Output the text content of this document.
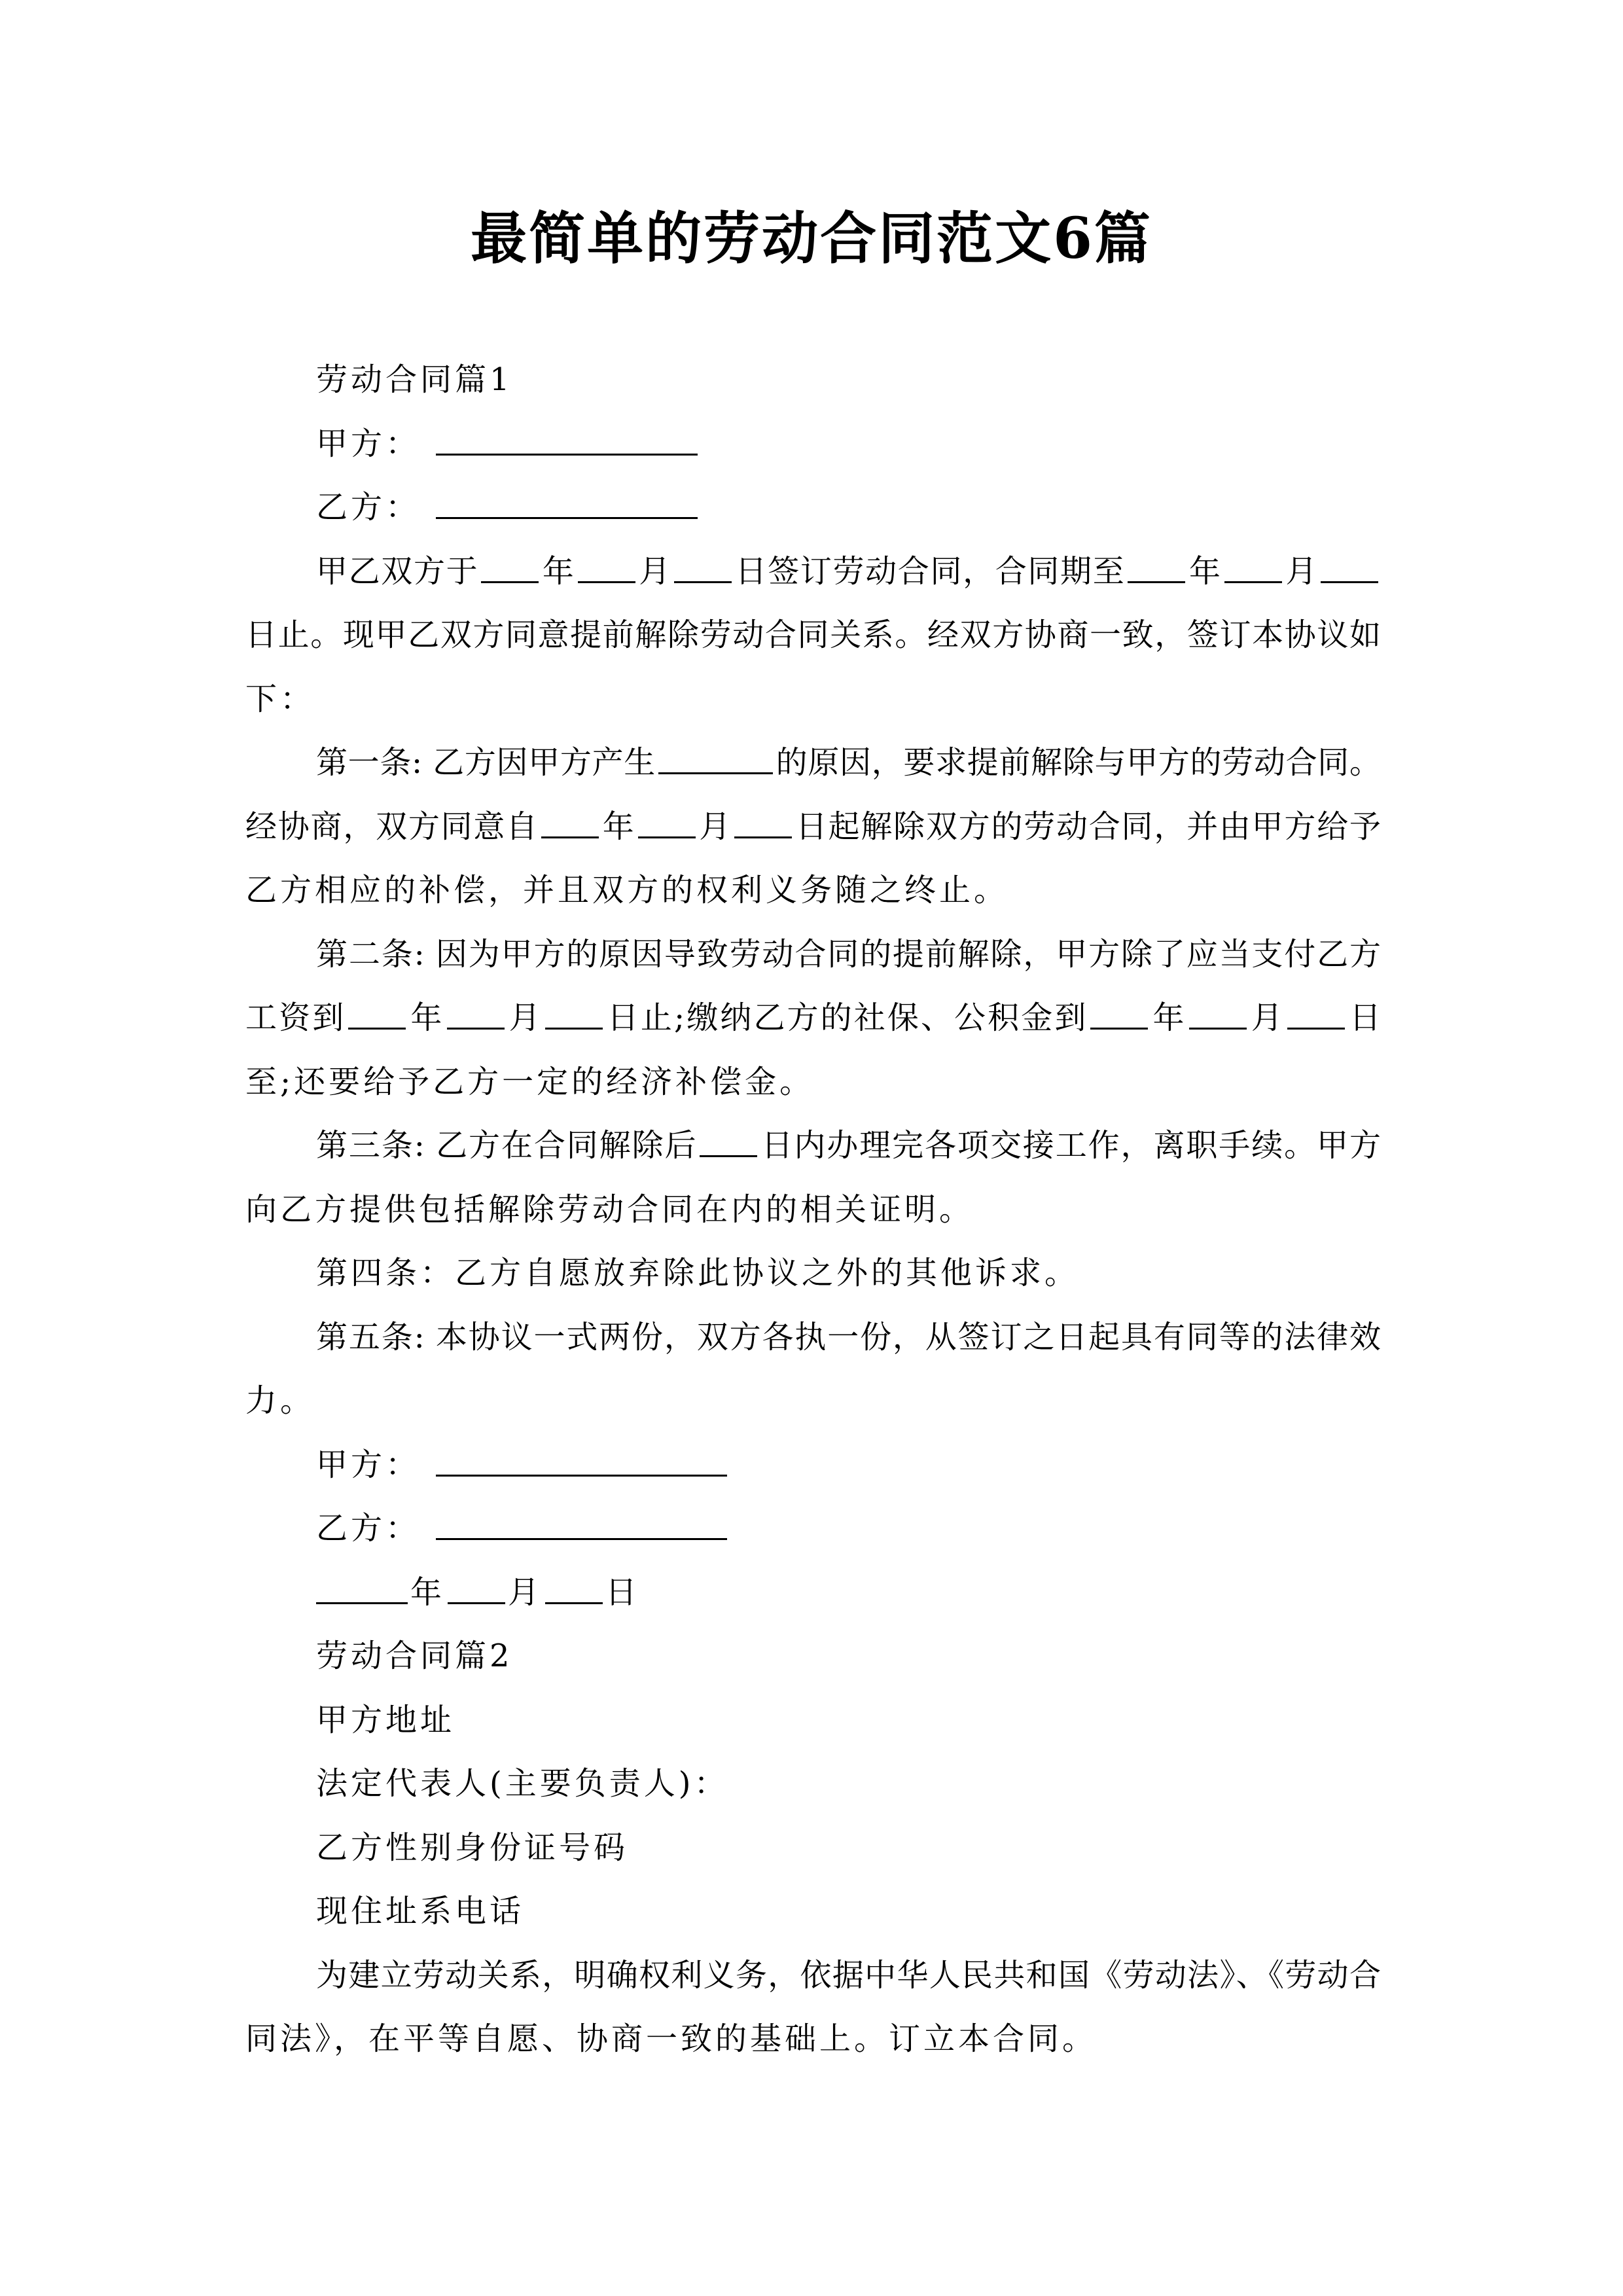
最简单的劳动合同范文6篇
劳动合同篇1
甲方：
乙方：
甲乙双方于 年 月 日签订劳动合同，合同期至 年 月
日止。现甲乙双方同意提前解除劳动合同关系。经双方协商一致，签订本协议如
下：
第一条: 乙方因甲方产生	的原因，要求提前解除与甲方的劳动合同。
经协商，双方同意自 年 月 日起解除双方的劳动合同，并由甲方给予
乙方相应的补偿，并且双方的权利义务随之终止。
第二条: 因为甲方的原因导致劳动合同的提前解除，甲方除了应当支付乙方
工资到 年 月 日止;缴纳乙方的社保、公积金到 年 月 日
至;还要给予乙方一定的经济补偿金。
第三条: 乙方在合同解除后 日内办理完各项交接工作，离职手续。甲方
向乙方提供包括解除劳动合同在内的相关证明。
第四条：乙方自愿放弃除此协议之外的其他诉求。
第五条: 本协议一式两份，双方各执一份，从签订之日起具有同等的法律效
力。
甲方：
乙方：
年 月 日
劳动合同篇2
甲方地址
法定代表人(主要负责人)：
乙方性别身份证号码
现住址系电话
为建立劳动关系，明确权利义务，依据中华人民共和国《劳动法》、《劳动合
同法》，在平等自愿、协商一致的基础上。订立本合同。
